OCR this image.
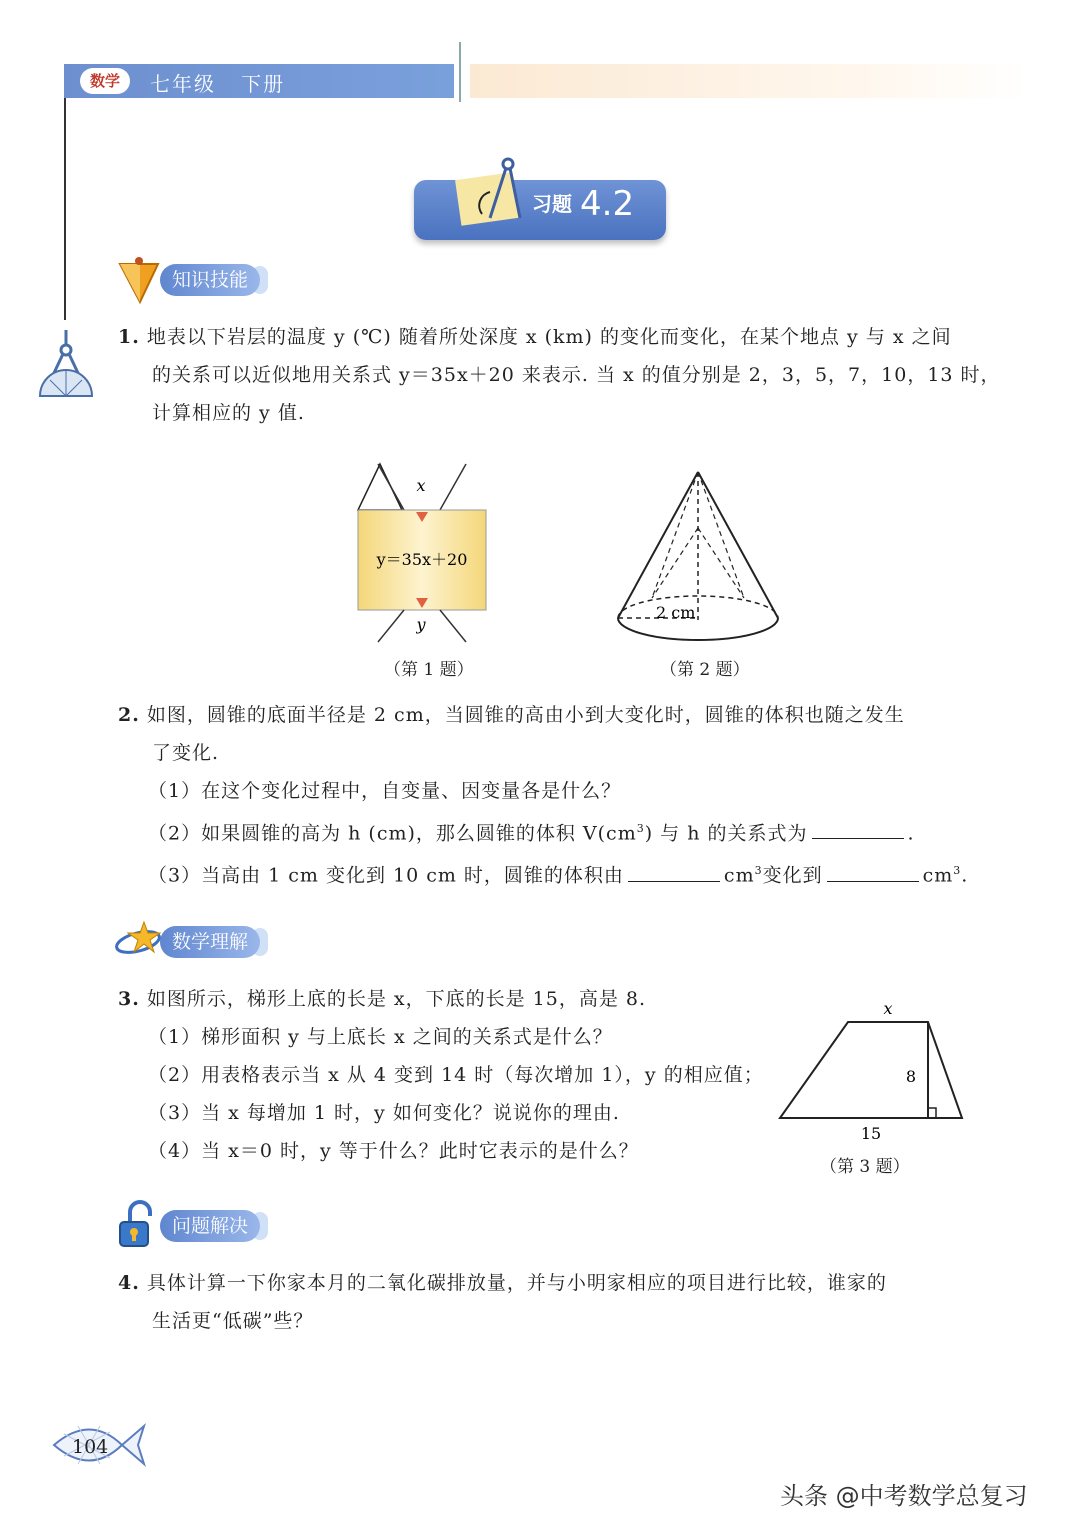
数学	七年级 下册
习题 4.2
知识技能
1. 地表以下岩层的温度 y (℃) 随着所处深度 x (km) 的变化而变化，在某个地点 y 与 x 之间
的关系可以近似地用关系式 y＝35x＋20 来表示. 当 x 的值分别是 2，3，5，7，10，13 时，
计算相应的 y 值.
x
y＝35x＋20
y
（第 1 题）
2 cm
（第 2 题）
2. 如图，圆锥的底面半径是 2 cm，当圆锥的高由小到大变化时，圆锥的体积也随之发生
了变化.
（1）在这个变化过程中，自变量、因变量各是什么？
（2）如果圆锥的高为 h (cm)，那么圆锥的体积 $V(cm^3)$ 与 h 的关系式为	.
（3）当高由 1 cm 变化到 10 cm 时，圆锥的体积由	$cm^3$变化到	$cm^3$.
数学理解
3. 如图所示，梯形上底的长是 x，下底的长是 15，高是 8.
（1）梯形面积 y 与上底长 x 之间的关系式是什么？
（2）用表格表示当 x 从 4 变到 14 时（每次增加 1），y 的相应值；
（3）当 x 每增加 1 时，y 如何变化？说说你的理由.
（4）当 x＝0 时，y 等于什么？此时它表示的是什么？
x
8
15
（第 3 题）
问题解决
4. 具体计算一下你家本月的二氧化碳排放量，并与小明家相应的项目进行比较，谁家的
生活更“低碳”些？
104
头条 @中考数学总复习
